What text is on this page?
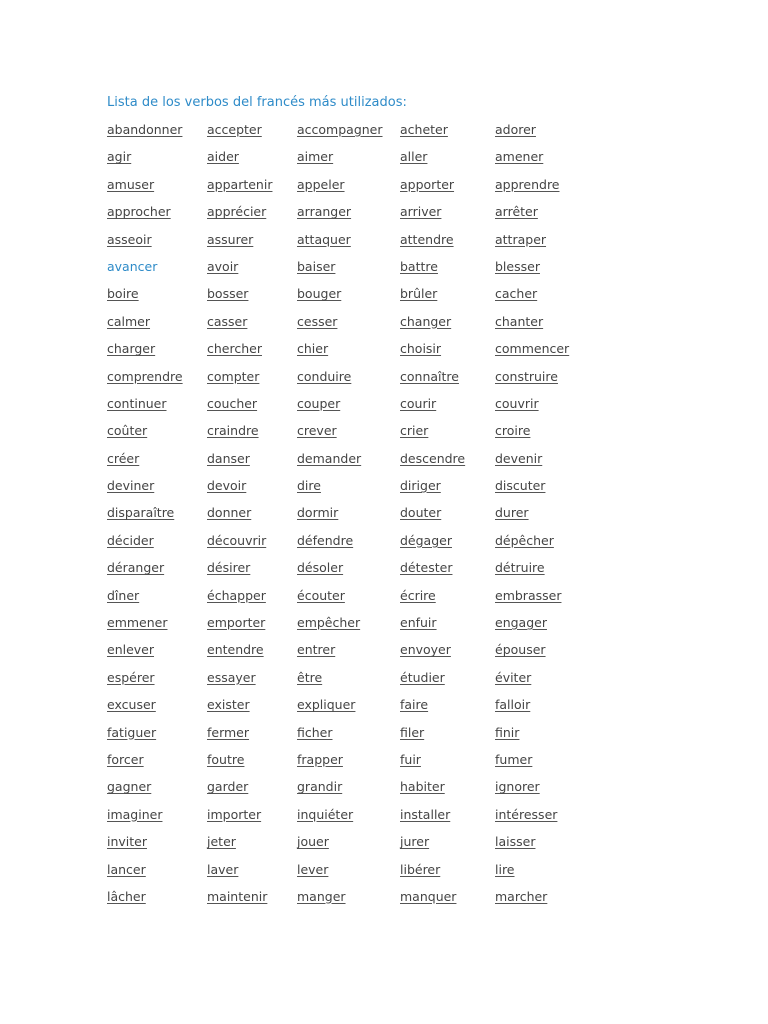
Lista de los verbos del francés más utilizados:
abandonner	accepter	accompagner	acheter	adorer
agir	aider	aimer	aller	amener
amuser	appartenir	appeler	apporter	apprendre
approcher	apprécier	arranger	arriver	arrêter
asseoir	assurer	attaquer	attendre	attraper
avancer	avoir	baiser	battre	blesser
boire	bosser	bouger	brûler	cacher
calmer	casser	cesser	changer	chanter
charger	chercher	chier	choisir	commencer
comprendre	compter	conduire	connaître	construire
continuer	coucher	couper	courir	couvrir
coûter	craindre	crever	crier	croire
créer	danser	demander	descendre	devenir
deviner	devoir	dire	diriger	discuter
disparaître	donner	dormir	douter	durer
décider	découvrir	défendre	dégager	dépêcher
déranger	désirer	désoler	détester	détruire
dîner	échapper	écouter	écrire	embrasser
emmener	emporter	empêcher	enfuir	engager
enlever	entendre	entrer	envoyer	épouser
espérer	essayer	être	étudier	éviter
excuser	exister	expliquer	faire	falloir
fatiguer	fermer	ficher	filer	finir
forcer	foutre	frapper	fuir	fumer
gagner	garder	grandir	habiter	ignorer
imaginer	importer	inquiéter	installer	intéresser
inviter	jeter	jouer	jurer	laisser
lancer	laver	lever	libérer	lire
lâcher	maintenir	manger	manquer	marcher
